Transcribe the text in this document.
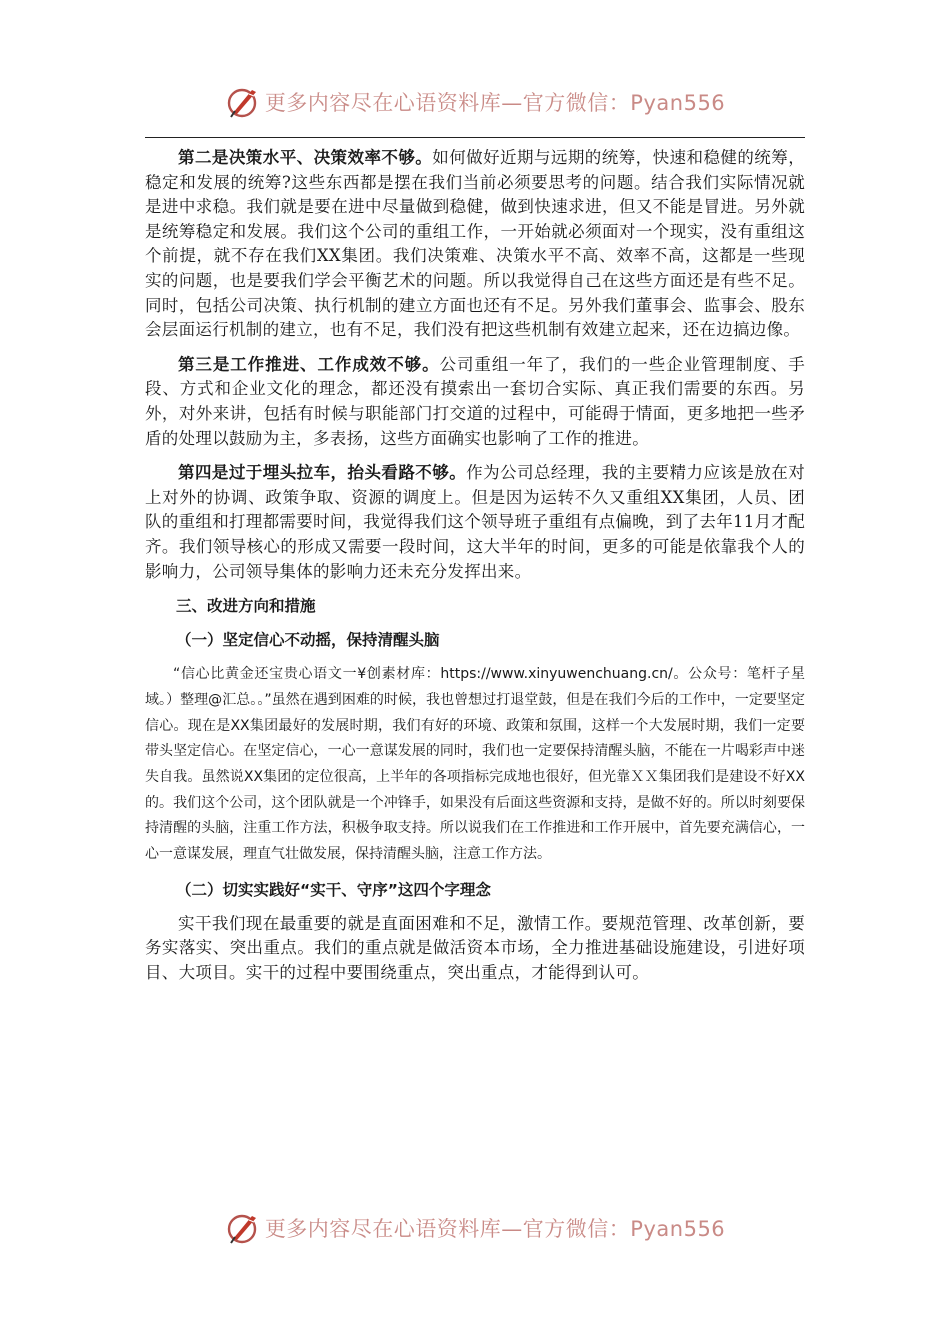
更多内容尽在心语资料库—官方微信：Pyan556

第二是决策水平、决策效率不够。如何做好近期与远期的统筹，快速和稳健的统筹，稳定和发展的统筹?这些东西都是摆在我们当前必须要思考的问题。结合我们实际情况就是进中求稳。我们就是要在进中尽量做到稳健，做到快速求进，但又不能是冒进。另外就是统筹稳定和发展。我们这个公司的重组工作，一开始就必须面对一个现实，没有重组这个前提，就不存在我们XX集团。我们决策难、决策水平不高、效率不高，这都是一些现实的问题，也是要我们学会平衡艺术的问题。所以我觉得自己在这些方面还是有些不足。同时，包括公司决策、执行机制的建立方面也还有不足。另外我们董事会、监事会、股东会层面运行机制的建立，也有不足，我们没有把这些机制有效建立起来，还在边搞边像。

第三是工作推进、工作成效不够。公司重组一年了，我们的一些企业管理制度、手段、方式和企业文化的理念，都还没有摸索出一套切合实际、真正我们需要的东西。另外，对外来讲，包括有时候与职能部门打交道的过程中，可能碍于情面，更多地把一些矛盾的处理以鼓励为主，多表扬，这些方面确实也影响了工作的推进。

第四是过于埋头拉车，抬头看路不够。作为公司总经理，我的主要精力应该是放在对上对外的协调、政策争取、资源的调度上。但是因为运转不久又重组XX集团，人员、团队的重组和打理都需要时间，我觉得我们这个领导班子重组有点偏晚，到了去年11月才配齐。我们领导核心的形成又需要一段时间，这大半年的时间，更多的可能是依靠我个人的影响力，公司领导集体的影响力还未充分发挥出来。

三、改进方向和措施

（一）坚定信心不动摇，保持清醒头脑

“信心比黄金还宝贵心语文一¥创素材库：https://www.xinyuwenchuang.cn/。公众号：笔杆子星域。）整理@汇总。。”虽然在遇到困难的时候，我也曾想过打退堂鼓，但是在我们今后的工作中，一定要坚定信心。现在是XX集团最好的发展时期，我们有好的环境、政策和氛围，这样一个大发展时期，我们一定要带头坚定信心。在坚定信心，一心一意谋发展的同时，我们也一定要保持清醒头脑，不能在一片喝彩声中迷失自我。虽然说XX集团的定位很高，上半年的各项指标完成地也很好，但光靠ＸＸ集团我们是建设不好XX的。我们这个公司，这个团队就是一个冲锋手，如果没有后面这些资源和支持，是做不好的。所以时刻要保持清醒的头脑，注重工作方法，积极争取支持。所以说我们在工作推进和工作开展中，首先要充满信心，一心一意谋发展，理直气壮做发展，保持清醒头脑，注意工作方法。

（二）切实实践好“实干、守序”这四个字理念

实干我们现在最重要的就是直面困难和不足，激情工作。要规范管理、改革创新，要务实落实、突出重点。我们的重点就是做活资本市场，全力推进基础设施建设，引进好项目、大项目。实干的过程中要围绕重点，突出重点，才能得到认可。

更多内容尽在心语资料库—官方微信：Pyan556
